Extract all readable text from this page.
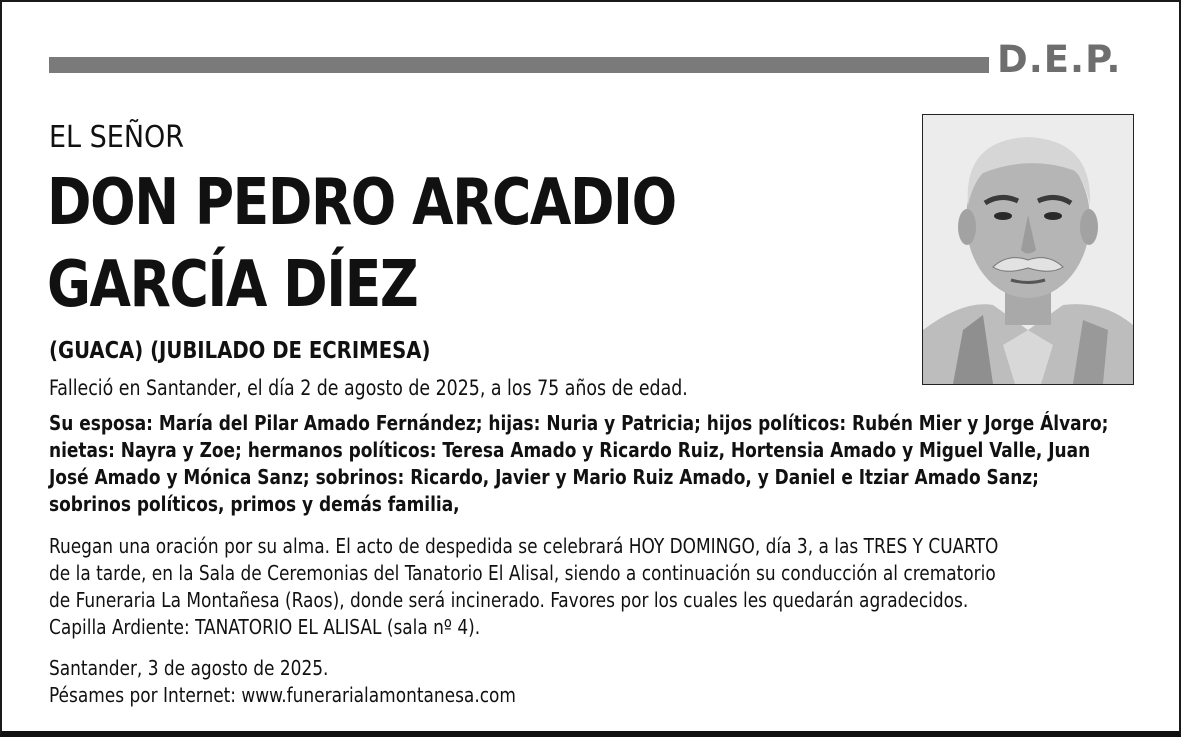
D.E.P.
EL SEÑOR
DON PEDRO ARCADIO
GARCÍA DÍEZ
(GUACA) (JUBILADO DE ECRIMESA)
Falleció en Santander, el día 2 de agosto de 2025, a los 75 años de edad.

Su esposa: María del Pilar Amado Fernández; hijas: Nuria y Patricia; hijos políticos: Rubén Mier y Jorge Álvaro;
nietas: Nayra y Zoe; hermanos políticos: Teresa Amado y Ricardo Ruiz, Hortensia Amado y Miguel Valle, Juan
José Amado y Mónica Sanz; sobrinos: Ricardo, Javier y Mario Ruiz Amado, y Daniel e Itziar Amado Sanz;
sobrinos políticos, primos y demás familia,

Ruegan una oración por su alma. El acto de despedida se celebrará HOY DOMINGO, día 3, a las TRES Y CUARTO
de la tarde, en la Sala de Ceremonias del Tanatorio El Alisal, siendo a continuación su conducción al crematorio
de Funeraria La Montañesa (Raos), donde será incinerado. Favores por los cuales les quedarán agradecidos.
Capilla Ardiente: TANATORIO EL ALISAL (sala nº 4).

Santander, 3 de agosto de 2025.
Pésames por Internet: www.funerarialamontanesa.com
